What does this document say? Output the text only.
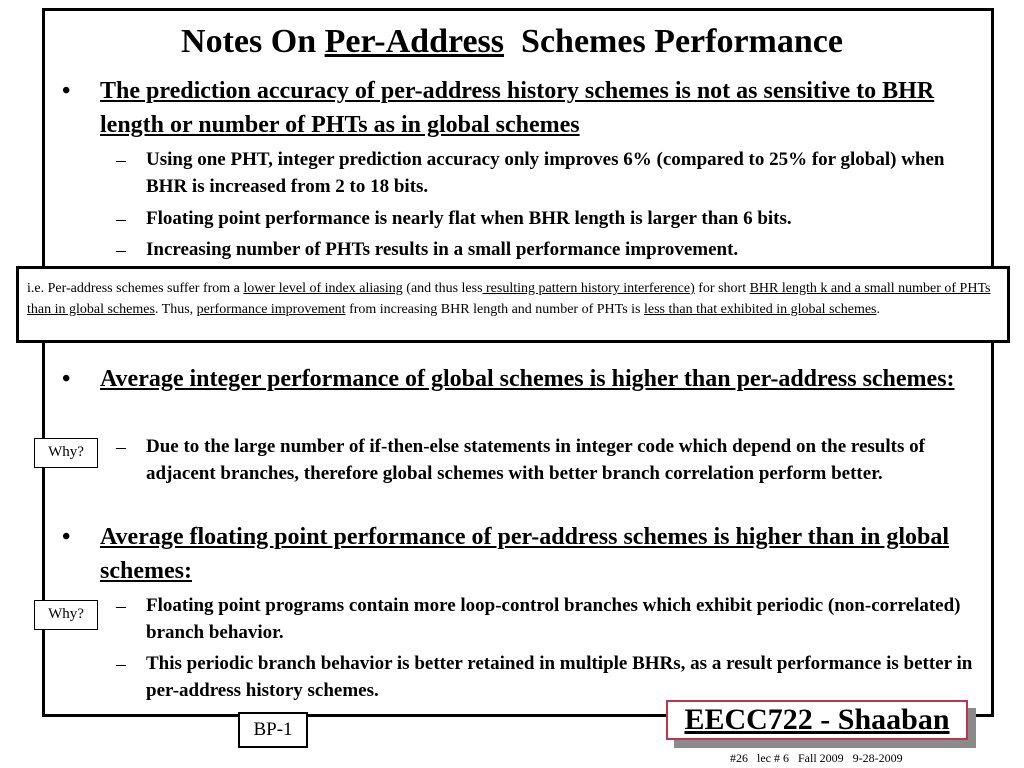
Notes On Per-Address  Schemes Performance
• The prediction accuracy of per-address history schemes is not as sensitive to BHR length or number of PHTs as in global schemes
– Using one PHT, integer prediction accuracy only improves 6% (compared to 25% for global) when BHR is increased from 2 to 18 bits.
– Floating point performance is nearly flat when BHR length is larger than 6 bits.
– Increasing number of PHTs results in a small performance improvement.
i.e. Per-address schemes suffer from a lower level of index aliasing (and thus less resulting pattern history interference) for short BHR length k and a small number of PHTs than in global schemes. Thus, performance improvement from increasing BHR length and number of PHTs is less than that exhibited in global schemes.
• Average integer performance of global schemes is higher than per-address schemes:
Why?	– Due to the large number of if-then-else statements in integer code which depend on the results of adjacent branches, therefore global schemes with better branch correlation perform better.
• Average floating point performance of per-address schemes is higher than in global schemes:
Why?	– Floating point programs contain more loop-control branches which exhibit periodic (non-correlated) branch behavior.
– This periodic branch behavior is better retained in multiple BHRs, as a result performance is better in per-address history schemes.
BP-1	EECC722 - Shaaban
#26   lec # 6   Fall 2009   9-28-2009
